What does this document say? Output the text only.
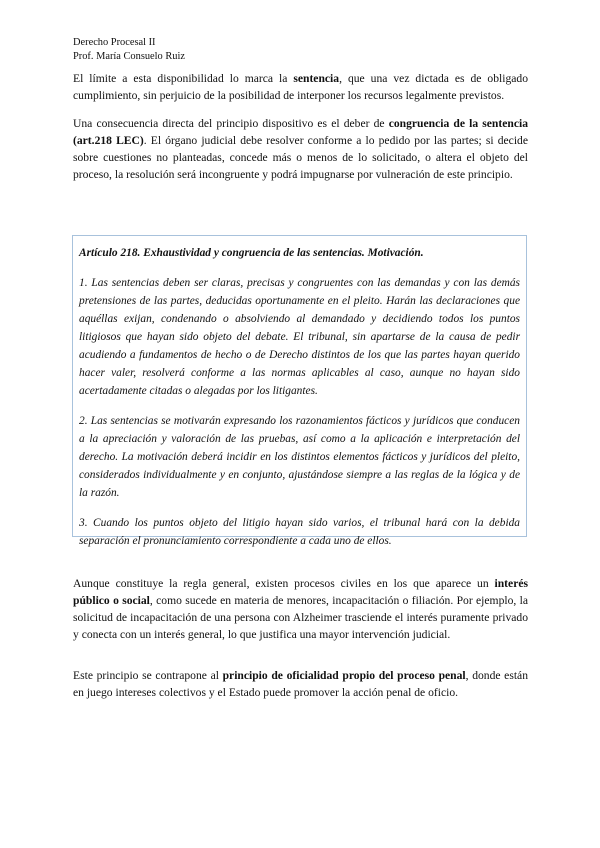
Derecho Procesal II
Prof. María Consuelo Ruiz

El límite a esta disponibilidad lo marca la sentencia, que una vez dictada es de obligado cumplimiento, sin perjuicio de la posibilidad de interponer los recursos legalmente previstos.

Una consecuencia directa del principio dispositivo es el deber de congruencia de la sentencia (art.218 LEC). El órgano judicial debe resolver conforme a lo pedido por las partes; si decide sobre cuestiones no planteadas, concede más o menos de lo solicitado, o altera el objeto del proceso, la resolución será incongruente y podrá impugnarse por vulneración de este principio.

Artículo 218. Exhaustividad y congruencia de las sentencias. Motivación.

1. Las sentencias deben ser claras, precisas y congruentes con las demandas y con las demás pretensiones de las partes, deducidas oportunamente en el pleito. Harán las declaraciones que aquéllas exijan, condenando o absolviendo al demandado y decidiendo todos los puntos litigiosos que hayan sido objeto del debate. El tribunal, sin apartarse de la causa de pedir acudiendo a fundamentos de hecho o de Derecho distintos de los que las partes hayan querido hacer valer, resolverá conforme a las normas aplicables al caso, aunque no hayan sido acertadamente citadas o alegadas por los litigantes.

2. Las sentencias se motivarán expresando los razonamientos fácticos y jurídicos que conducen a la apreciación y valoración de las pruebas, así como a la aplicación e interpretación del derecho. La motivación deberá incidir en los distintos elementos fácticos y jurídicos del pleito, considerados individualmente y en conjunto, ajustándose siempre a las reglas de la lógica y de la razón.

3. Cuando los puntos objeto del litigio hayan sido varios, el tribunal hará con la debida separación el pronunciamiento correspondiente a cada uno de ellos.

Aunque constituye la regla general, existen procesos civiles en los que aparece un interés público o social, como sucede en materia de menores, incapacitación o filiación. Por ejemplo, la solicitud de incapacitación de una persona con Alzheimer trasciende el interés puramente privado y conecta con un interés general, lo que justifica una mayor intervención judicial.

Este principio se contrapone al principio de oficialidad propio del proceso penal, donde están en juego intereses colectivos y el Estado puede promover la acción penal de oficio.
